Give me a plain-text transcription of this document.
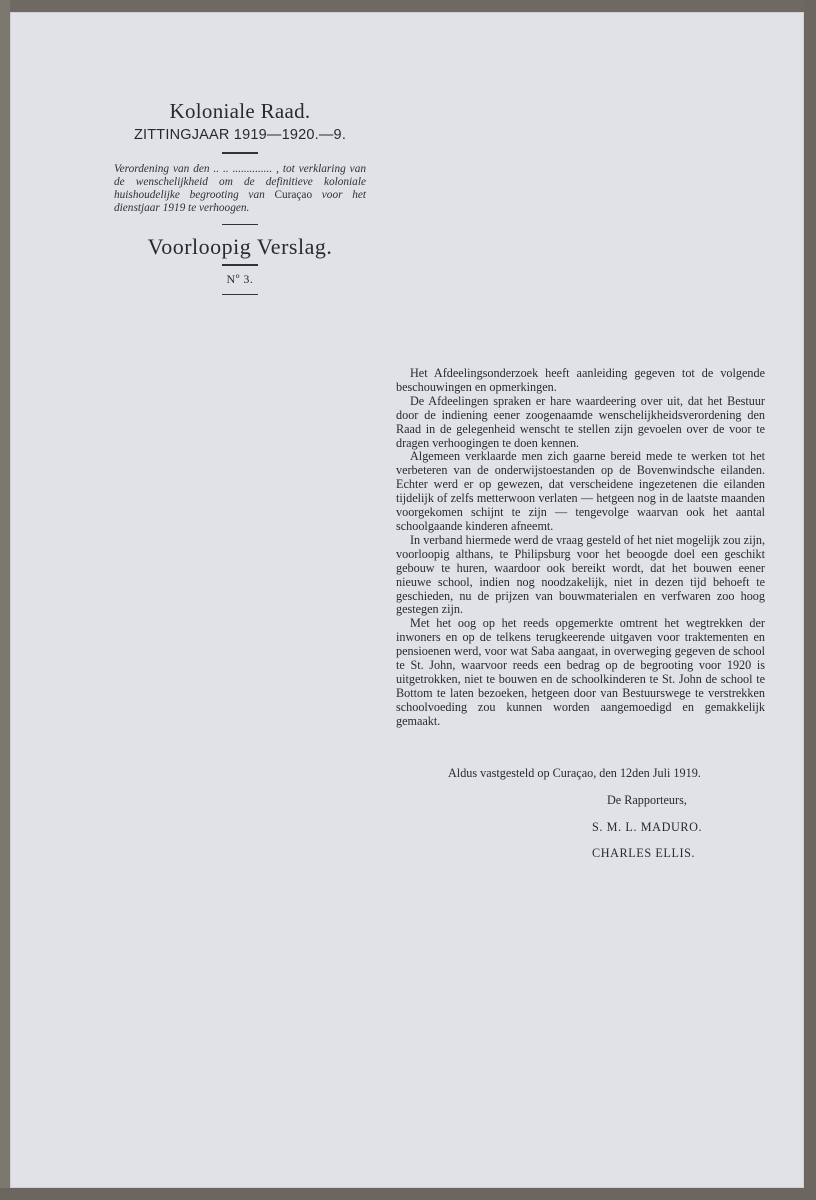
Koloniale Raad.
ZITTINGJAAR 1919—1920.—9.
Verordening van den .. .. .............. , tot verklaring van de wenschelijkheid om de definitieve koloniale huishoudelijke begrooting van Curaçao voor het dienstjaar 1919 te verhoogen.
Voorloopig Verslag.
Nº 3.

Het Afdeelingsonderzoek heeft aanleiding gegeven tot de volgende beschouwingen en opmerkingen.

De Afdeelingen spraken er hare waardeering over uit, dat het Bestuur door de indiening eener zoogenaamde wenschelijkheidsverordening den Raad in de gelegenheid wenscht te stellen zijn gevoelen over de voor te dragen verhoogingen te doen kennen.

Algemeen verklaarde men zich gaarne bereid mede te werken tot het verbeteren van de onderwijstoestanden op de Bovenwindsche eilanden. Echter werd er op gewezen, dat verscheidene ingezetenen die eilanden tijdelijk of zelfs metterwoon verlaten — hetgeen nog in de laatste maanden voorgekomen schijnt te zijn — tengevolge waarvan ook het aantal schoolgaande kinderen afneemt.

In verband hiermede werd de vraag gesteld of het niet mogelijk zou zijn, voorloopig althans, te Philipsburg voor het beoogde doel een geschikt gebouw te huren, waardoor ook bereikt wordt, dat het bouwen eener nieuwe school, indien nog noodzakelijk, niet in dezen tijd behoeft te geschieden, nu de prijzen van bouwmaterialen en verfwaren zoo hoog gestegen zijn.

Met het oog op het reeds opgemerkte omtrent het wegtrekken der inwoners en op de telkens terugkeerende uitgaven voor traktementen en pensioenen werd, voor wat Saba aangaat, in overweging gegeven de school te St. John, waarvoor reeds een bedrag op de begrooting voor 1920 is uitgetrokken, niet te bouwen en de schoolkinderen te St. John de school te Bottom te laten bezoeken, hetgeen door van Bestuurswege te verstrekken schoolvoeding zou kunnen worden aangemoedigd en gemakkelijk gemaakt.

Aldus vastgesteld op Curaçao, den 12den Juli 1919.
De Rapporteurs,
S. M. L. MADURO.
CHARLES ELLIS.
